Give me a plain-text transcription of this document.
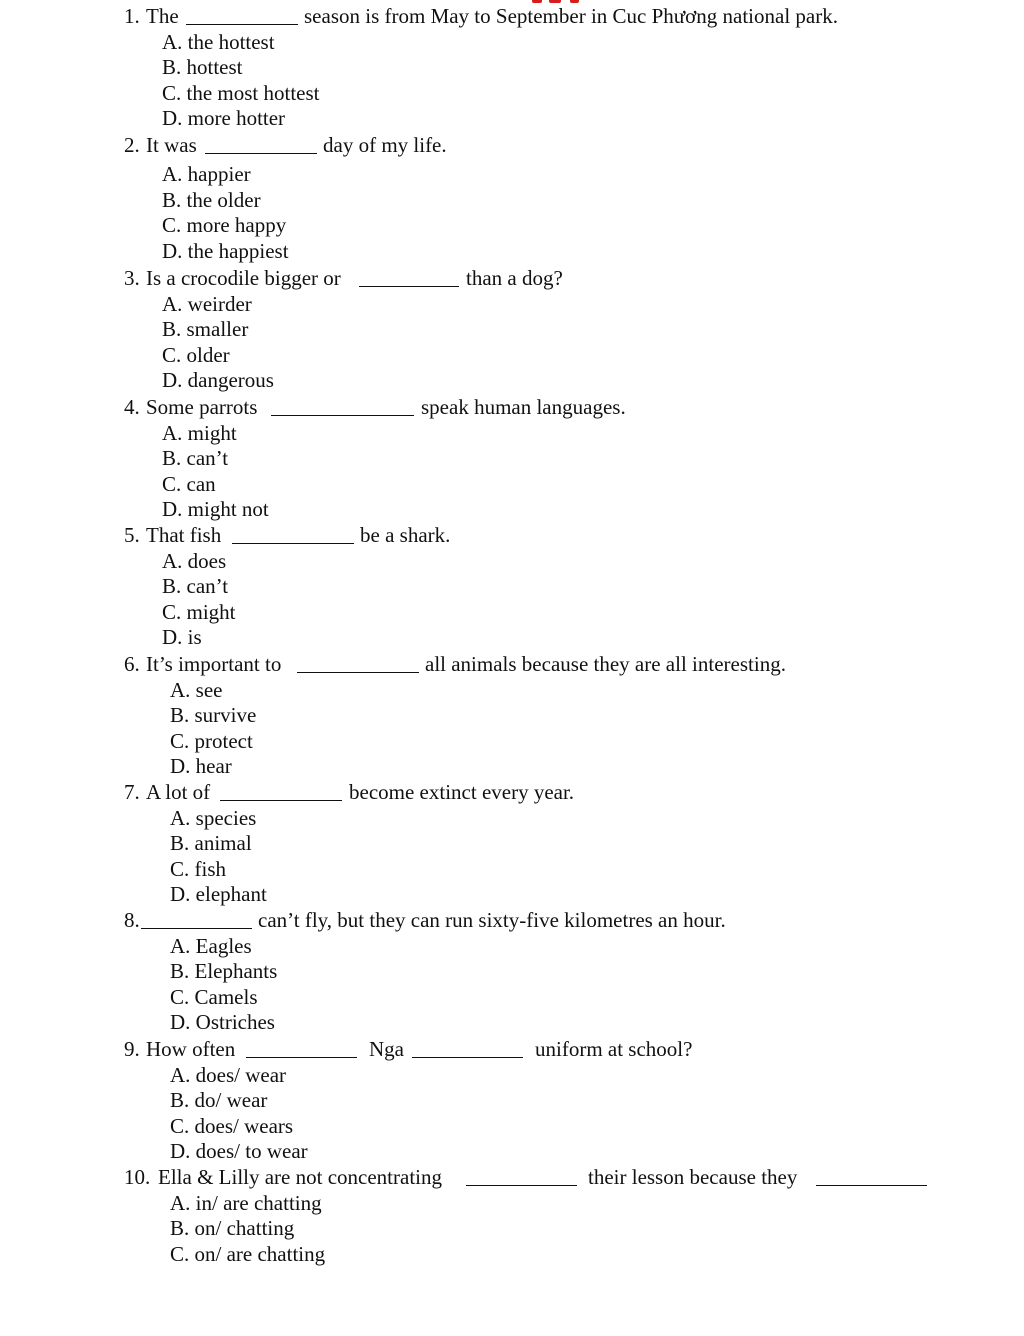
1. The	season is from May to September in Cuc Phương national park.
A. the hottest
B. hottest
C. the most hottest
D. more hotter
2. It was	day of my life.
A. happier
B. the older
C. more happy
D. the happiest
3. Is a crocodile bigger or	than a dog?
A. weirder
B. smaller
C. older
D. dangerous
4. Some parrots	speak human languages.
A. might
B. can’t
C. can
D. might not
5. That fish	be a shark.
A. does
B. can’t
C. might
D. is
6. It’s important to	all animals because they are all interesting.
A. see
B. survive
C. protect
D. hear
7. A lot of	become extinct every year.
A. species
B. animal
C. fish
D. elephant
8.	can’t fly, but they can run sixty-five kilometres an hour.
A. Eagles
B. Elephants
C. Camels
D. Ostriches
9. How often	Nga	uniform at school?
A. does/ wear
B. do/ wear
C. does/ wears
D. does/ to wear
10. Ella & Lilly are not concentrating	their lesson because they
A. in/ are chatting
B. on/ chatting
C. on/ are chatting
